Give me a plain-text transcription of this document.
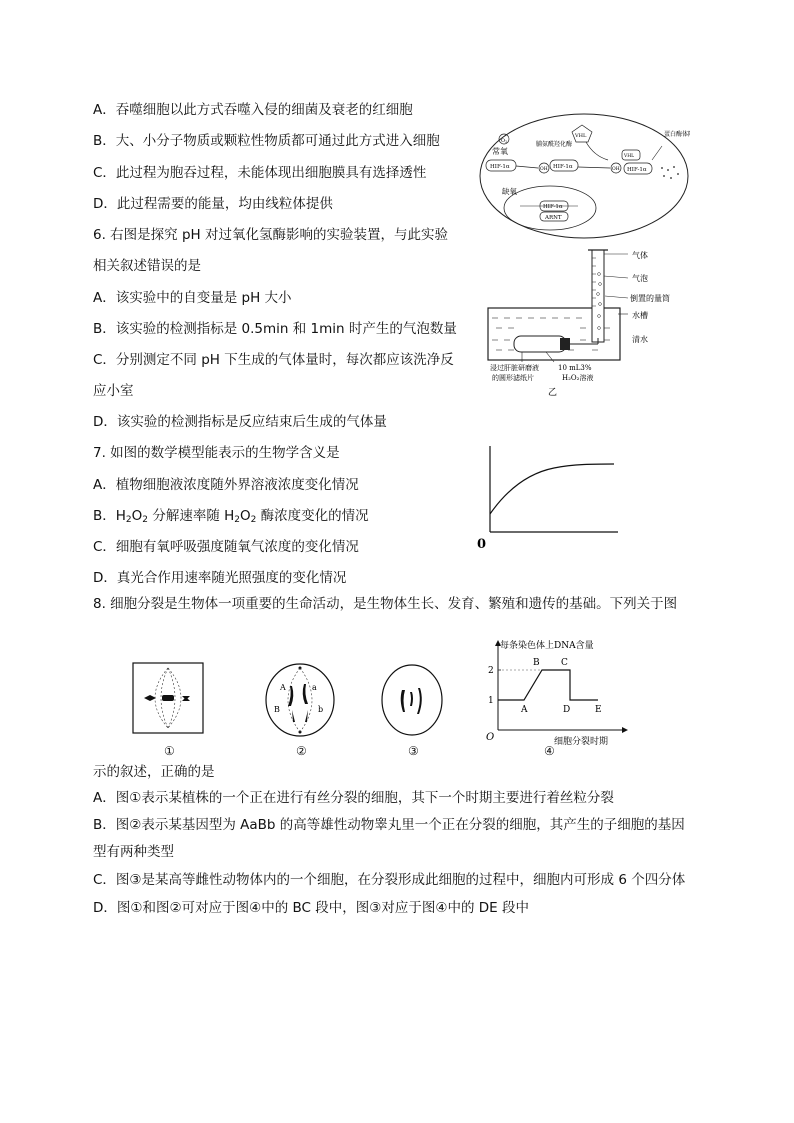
A．吞噬细胞以此方式吞噬入侵的细菌及衰老的红细胞
B．大、小分子物质或颗粒性物质都可通过此方式进入细胞
C．此过程为胞吞过程，未能体现出细胞膜具有选择透性
D．此过程需要的能量，均由线粒体提供
6. 右图是探究 pH 对过氧化氢酶影响的实验装置，与此实验
相关叙述错误的是
A．该实验中的自变量是 pH 大小
B．该实验的检测指标是 0.5min 和 1min 时产生的气泡数量
C．分别测定不同 pH 下生成的气体量时，每次都应该洗净反
应小室
D．该实验的检测指标是反应结束后生成的气体量
7. 如图的数学模型能表示的生物学含义是
A．植物细胞液浓度随外界溶液浓度变化情况
B．$H_2O_2$ 分解速率随 $H_2O_2$ 酶浓度变化的情况
C．细胞有氧呼吸强度随氧气浓度的变化情况
D．真光合作用速率随光照强度的变化情况
8. 细胞分裂是生物体一项重要的生命活动，是生物体生长、发育、繁殖和遗传的基础。下列关于图
示的叙述，正确的是
A．图①表示某植株的一个正在进行有丝分裂的细胞，其下一个时期主要进行着丝粒分裂
B．图②表示某基因型为 AaBb 的高等雄性动物睾丸里一个正在分裂的细胞，其产生的子细胞的基因
型有两种类型
C．图③是某高等雌性动物体内的一个细胞，在分裂形成此细胞的过程中，细胞内可形成 6 个四分体
D．图①和图②可对应于图④中的 BC 段中，图③对应于图④中的 DE 段中
常氧
脯氨酰羟化酶
$O_2$
HIF-1α	OH HIF-1α
VHL
OH
VHL
HIF-1α
蛋白酶体
缺氧
HIF-1α
ARNT
气体
气泡
倒置的量筒
水槽
清水
浸过肝脏研磨液
的圆形滤纸片
10 mL3%
H₂O₂溶液
乙
0
①
A	a
B	b
②	③
每条染色体上DNA含量
细胞分裂时期
O
1
2
A
B C
D	E
④
